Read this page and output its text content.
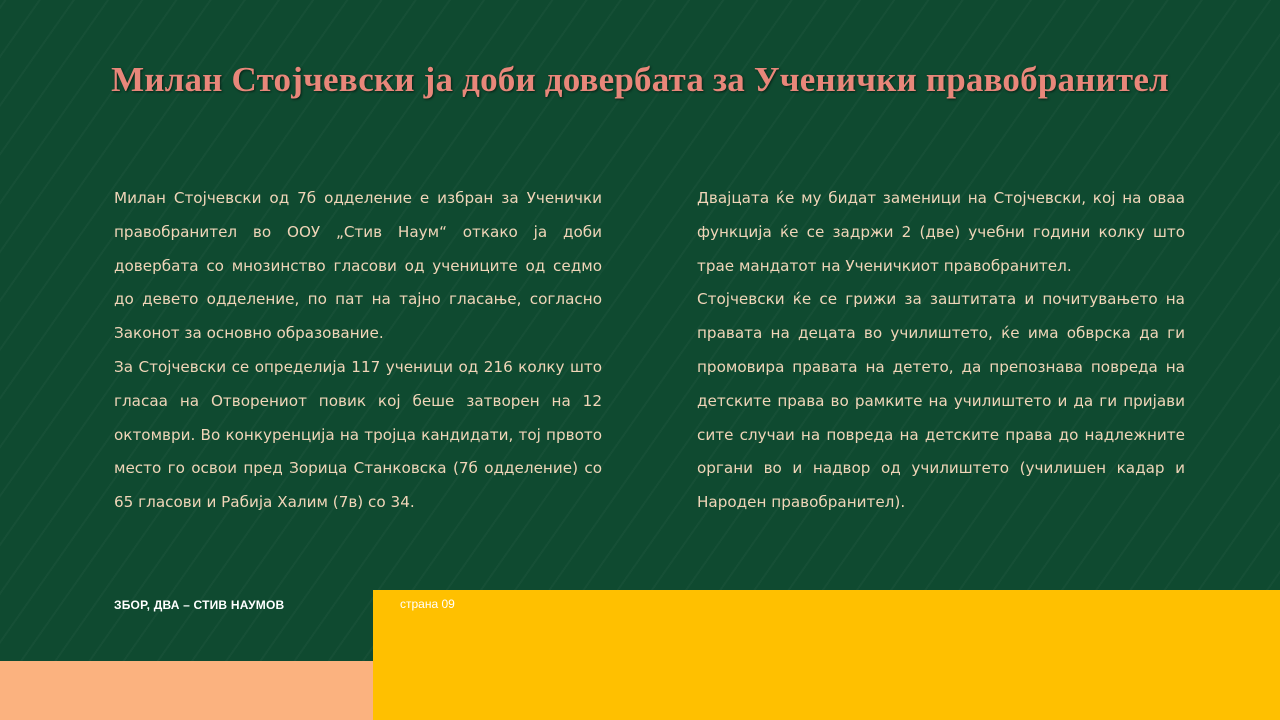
Милан Стојчевски ја доби довербата за Ученички правобранител

Милан Стојчевски од 7б одделение е избран за Ученички правобранител во ООУ „Стив Наум“ откако ја доби довербата со мнозинство гласови од учениците од седмо до деветo одделение, по пат на тајно гласање, согласно Законот за основно образование.

За Стојчевски се определија 117 ученици од 216 колку што гласаа на Отворениот повик кој беше затворен на 12 октомври. Во конкуренција на тројца кандидати, тој првото место го освои пред Зорица Станковска (7б одделение) со 65 гласови и Рабија Халим (7в) со 34.

Двајцата ќе му бидат заменици на Стојчевски, кој на оваа функција ќе се задржи 2 (две) учебни години колку што трае мандатот на Ученичкиот правобранител.

Стојчевски ќе се грижи за заштитата и почитувањето на правата на децата во училиштето, ќе има обврска да ги промовира правата на детето, да препознава повреда на детските права во рамките на училиштето и да ги пријави сите случаи на повреда на детските права до надлежните органи во и надвор од училиштето (училишен кадар и Народен правобранител).

ЗБОР, ДВА – СТИВ НАУМОВ	страна 09
